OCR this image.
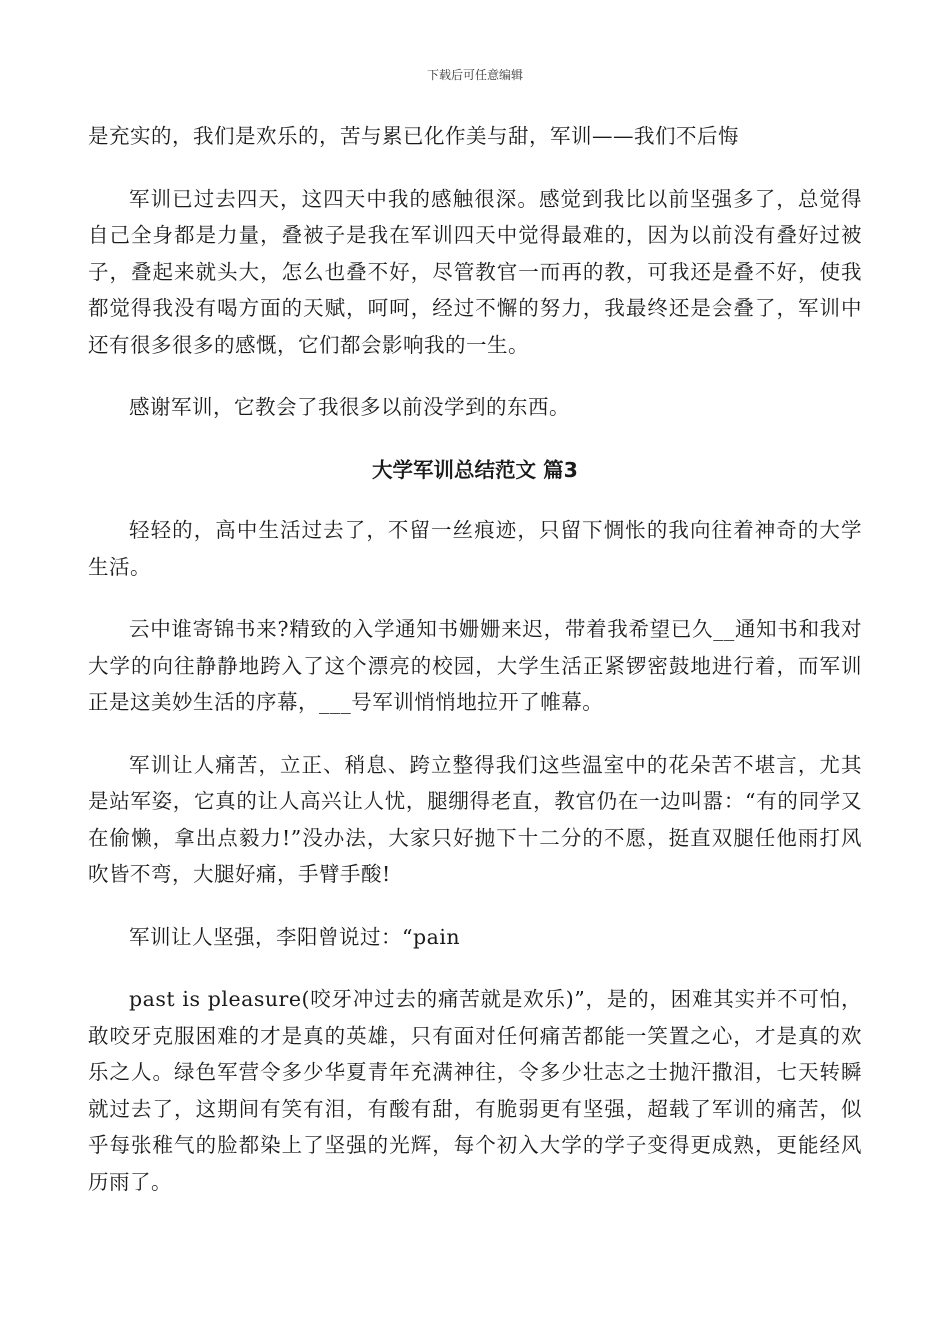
下载后可任意编辑

是充实的，我们是欢乐的，苦与累已化作美与甜，军训——我们不后悔

军训已过去四天，这四天中我的感触很深。感觉到我比以前坚强多了，总觉得自己全身都是力量，叠被子是我在军训四天中觉得最难的，因为以前没有叠好过被子，叠起来就头大，怎么也叠不好，尽管教官一而再的教，可我还是叠不好，使我都觉得我没有喝方面的天赋，呵呵，经过不懈的努力，我最终还是会叠了，军训中还有很多很多的感慨，它们都会影响我的一生。

感谢军训，它教会了我很多以前没学到的东西。

大学军训总结范文 篇3

轻轻的，高中生活过去了，不留一丝痕迹，只留下惆怅的我向往着神奇的大学生活。

云中谁寄锦书来?精致的入学通知书姗姗来迟，带着我希望已久__通知书和我对大学的向往静静地跨入了这个漂亮的校园，大学生活正紧锣密鼓地进行着，而军训正是这美妙生活的序幕，___号军训悄悄地拉开了帷幕。

军训让人痛苦，立正、稍息、跨立整得我们这些温室中的花朵苦不堪言，尤其是站军姿，它真的让人高兴让人忧，腿绷得老直，教官仍在一边叫嚣：“有的同学又在偷懒，拿出点毅力!”没办法，大家只好抛下十二分的不愿，挺直双腿任他雨打风吹皆不弯，大腿好痛，手臂手酸!

军训让人坚强，李阳曾说过：“pain

past is pleasure(咬牙冲过去的痛苦就是欢乐)”，是的，困难其实并不可怕，敢咬牙克服困难的才是真的英雄，只有面对任何痛苦都能一笑置之心，才是真的欢乐之人。绿色军营令多少华夏青年充满神往，令多少壮志之士抛汗撒泪，七天转瞬就过去了，这期间有笑有泪，有酸有甜，有脆弱更有坚强，超载了军训的痛苦，似乎每张稚气的脸都染上了坚强的光辉，每个初入大学的学子变得更成熟，更能经风历雨了。
